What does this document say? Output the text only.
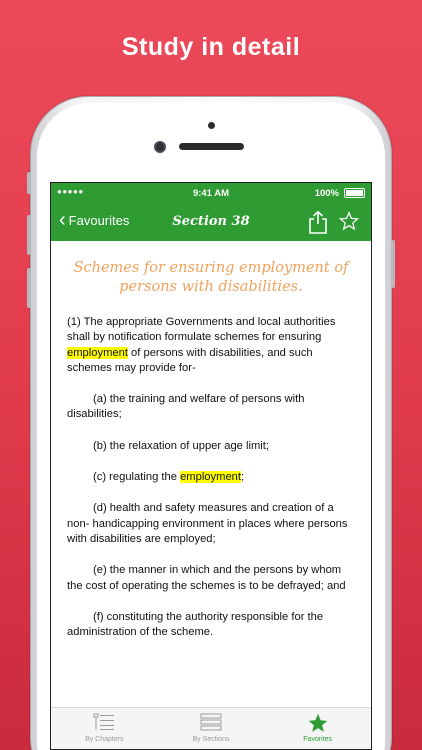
Study in detail
●●●●●	9:41 AM	100%
‹ Favourites	Section 38
Schemes for ensuring employment of persons with disabilities.

(1) The appropriate Governments and local authorities shall by notification formulate schemes for ensuring employment of persons with disabilities, and such schemes may provide for-

(a) the training and welfare of persons with disabilities;

(b) the relaxation of upper age limit;

(c) regulating the employment;

(d) health and safety measures and creation of a non- handicapping environment in places where persons with disabilities are employed;

(e) the manner in which and the persons by whom the cost of operating the schemes is to be defrayed; and

(f) constituting the authority responsible for the administration of the scheme.

By Chapters	By Sections	Favorites
